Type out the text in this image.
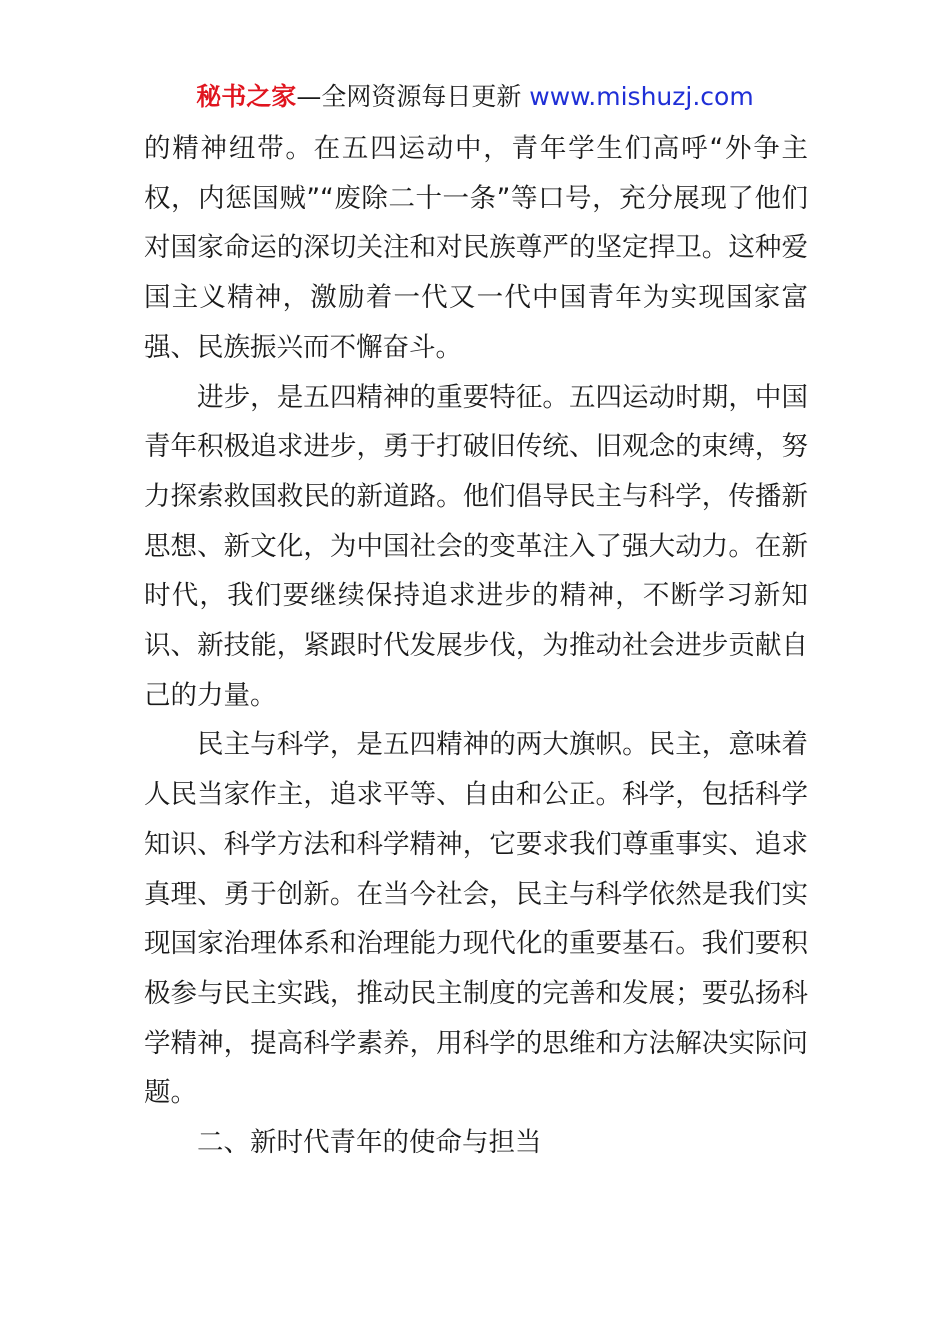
秘书之家—全网资源每日更新 www.mishuzj.com

的精神纽带。在五四运动中，青年学生们高呼“外争主权，内惩国贼”“废除二十一条”等口号，充分展现了他们对国家命运的深切关注和对民族尊严的坚定捍卫。这种爱国主义精神，激励着一代又一代中国青年为实现国家富强、民族振兴而不懈奋斗。

进步，是五四精神的重要特征。五四运动时期，中国青年积极追求进步，勇于打破旧传统、旧观念的束缚，努力探索救国救民的新道路。他们倡导民主与科学，传播新思想、新文化，为中国社会的变革注入了强大动力。在新时代，我们要继续保持追求进步的精神，不断学习新知识、新技能，紧跟时代发展步伐，为推动社会进步贡献自己的力量。

民主与科学，是五四精神的两大旗帜。民主，意味着人民当家作主，追求平等、自由和公正。科学，包括科学知识、科学方法和科学精神，它要求我们尊重事实、追求真理、勇于创新。在当今社会，民主与科学依然是我们实现国家治理体系和治理能力现代化的重要基石。我们要积极参与民主实践，推动民主制度的完善和发展；要弘扬科学精神，提高科学素养，用科学的思维和方法解决实际问题。

二、新时代青年的使命与担当
